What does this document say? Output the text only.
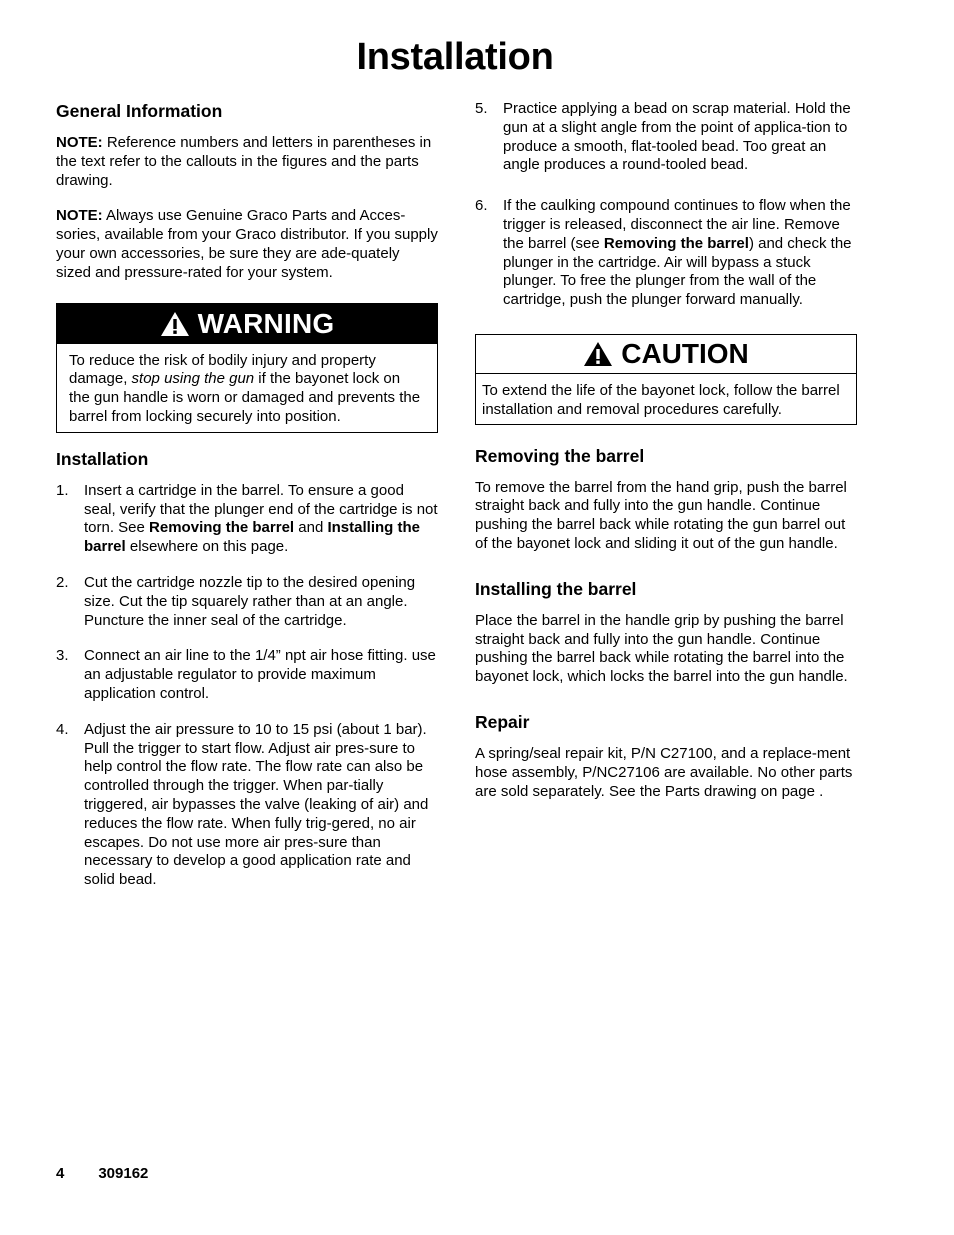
Installation
General Information

NOTE: Reference numbers and letters in parentheses in the text refer to the callouts in the figures and the parts drawing.

NOTE: Always use Genuine Graco Parts and Acces-sories, available from your Graco distributor. If you supply your own accessories, be sure they are ade-quately sized and pressure-rated for your system.

WARNING
To reduce the risk of bodily injury and property damage, stop using the gun if the bayonet lock on the gun handle is worn or damaged and prevents the barrel from locking securely into position.
Installation
1.	Insert a cartridge in the barrel. To ensure a good seal, verify that the plunger end of the cartridge is not torn. See Removing the barrel and Installing the barrel elsewhere on this page.
2.	Cut the cartridge nozzle tip to the desired opening size. Cut the tip squarely rather than at an angle. Puncture the inner seal of the cartridge.
3.	Connect an air line to the 1/4” npt air hose fitting. use an adjustable regulator to provide maximum application control.
4.	Adjust the air pressure to 10 to 15 psi (about 1 bar). Pull the trigger to start flow. Adjust air pres-sure to help control the flow rate. The flow rate can also be controlled through the trigger. When par-tially triggered, air bypasses the valve (leaking of air) and reduces the flow rate. When fully trig-gered, no air escapes. Do not use more air pres-sure than necessary to develop a good application rate and solid bead.
5.	Practice applying a bead on scrap material. Hold the gun at a slight angle from the point of applica-tion to produce a smooth, flat-tooled bead. Too great an angle produces a round-tooled bead.
6.	If the caulking compound continues to flow when the trigger is released, disconnect the air line. Remove the barrel (see Removing the barrel) and check the plunger in the cartridge. Air will bypass a stuck plunger. To free the plunger from the wall of the cartridge, push the plunger forward manually.
CAUTION
To extend the life of the bayonet lock, follow the barrel installation and removal procedures carefully.
Removing the barrel

To remove the barrel from the hand grip, push the barrel straight back and fully into the gun handle. Continue pushing the barrel back while rotating the gun barrel out of the bayonet lock and sliding it out of the gun handle.

Installing the barrel

Place the barrel in the handle grip by pushing the barrel straight back and fully into the gun handle. Continue pushing the barrel back while rotating the barrel into the bayonet lock, which locks the barrel into the gun handle.

Repair

A spring/seal repair kit, P/N C27100, and a replace-ment hose assembly, P/NC27106 are available. No other parts are sold separately. See the Parts drawing on page .

4 309162
